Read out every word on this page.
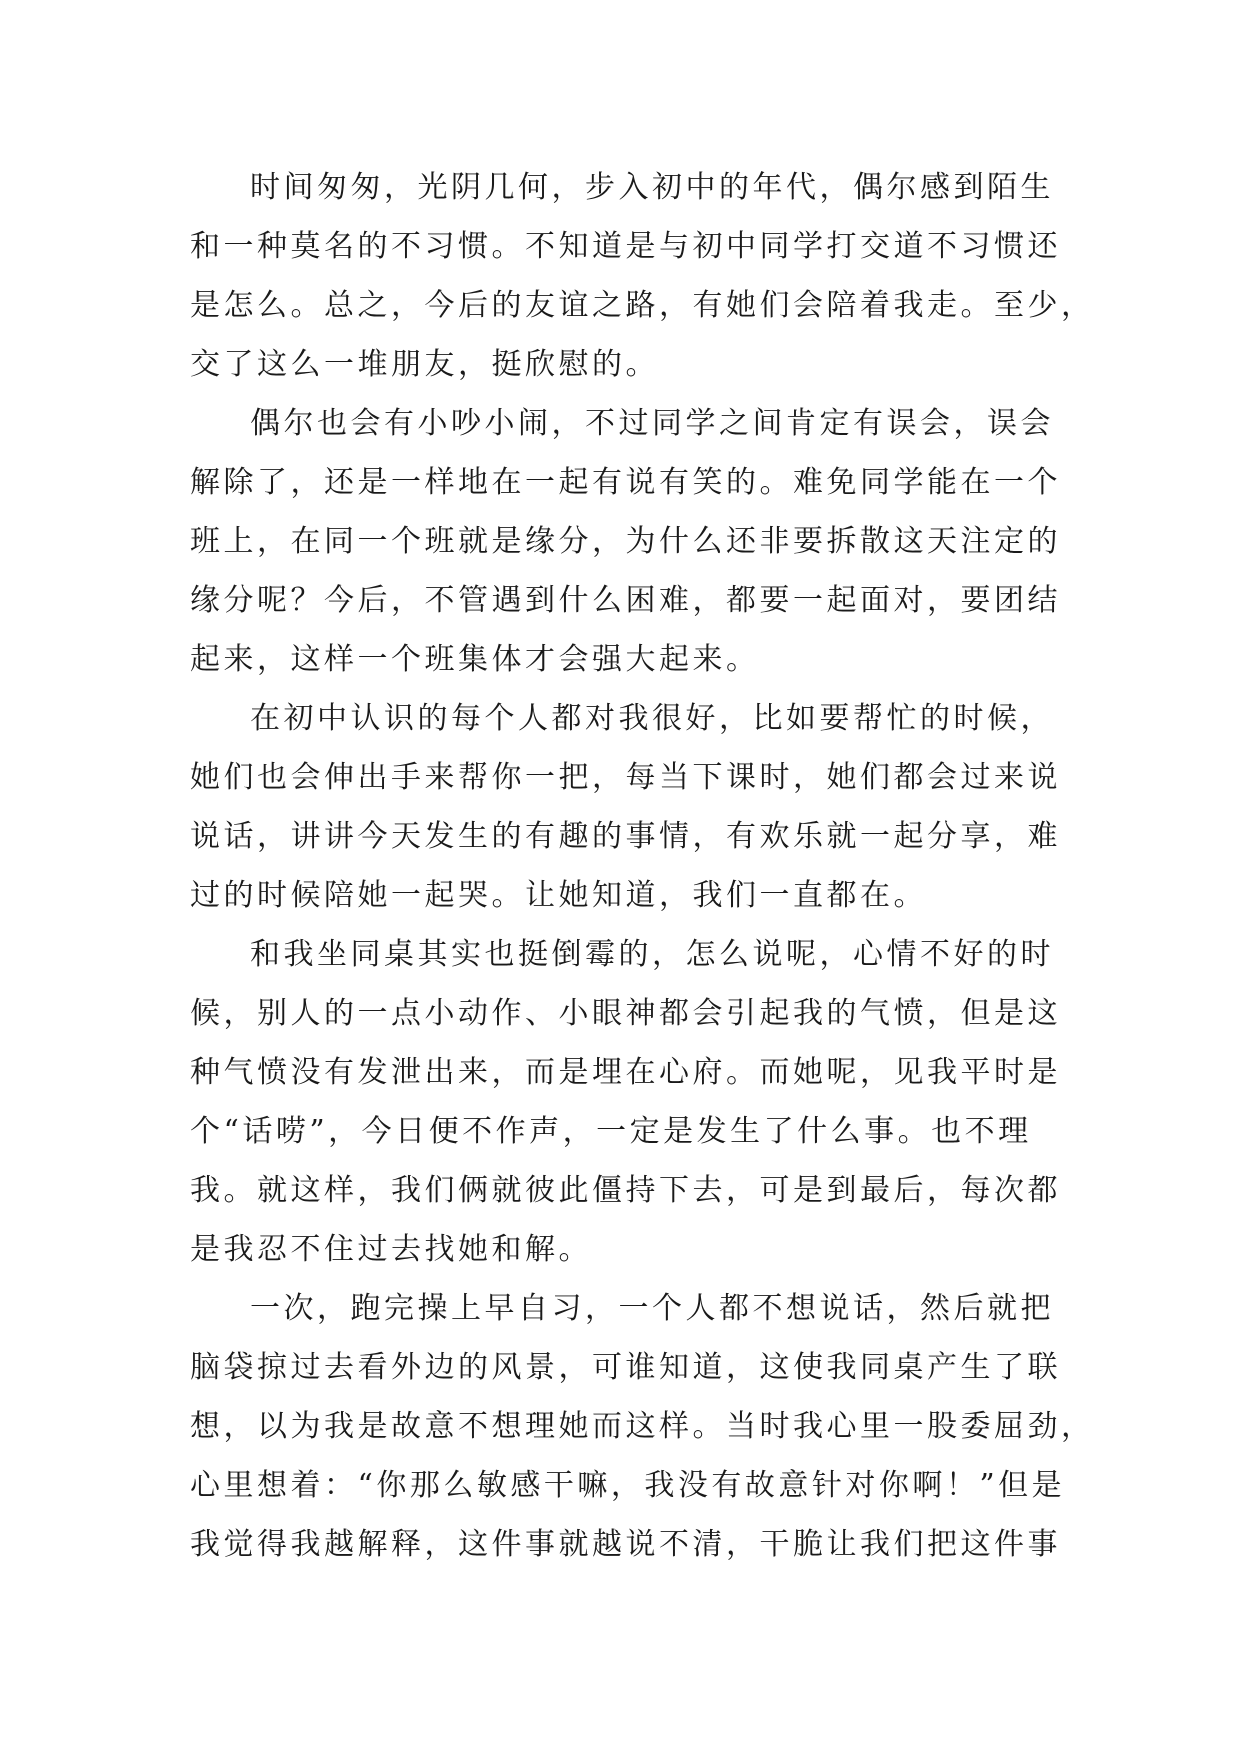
时间匆匆，光阴几何，步入初中的年代，偶尔感到陌生
和一种莫名的不习惯。不知道是与初中同学打交道不习惯还
是怎么。总之，今后的友谊之路，有她们会陪着我走。至少，
交了这么一堆朋友，挺欣慰的。

偶尔也会有小吵小闹，不过同学之间肯定有误会，误会
解除了，还是一样地在一起有说有笑的。难免同学能在一个
班上，在同一个班就是缘分，为什么还非要拆散这天注定的
缘分呢？今后，不管遇到什么困难，都要一起面对，要团结
起来，这样一个班集体才会强大起来。

在初中认识的每个人都对我很好，比如要帮忙的时候，
她们也会伸出手来帮你一把，每当下课时，她们都会过来说
说话，讲讲今天发生的有趣的事情，有欢乐就一起分享，难
过的时候陪她一起哭。让她知道，我们一直都在。

和我坐同桌其实也挺倒霉的，怎么说呢，心情不好的时
候，别人的一点小动作、小眼神都会引起我的气愤，但是这
种气愤没有发泄出来，而是埋在心府。而她呢，见我平时是
个“话唠”，今日便不作声，一定是发生了什么事。也不理
我。就这样，我们俩就彼此僵持下去，可是到最后，每次都
是我忍不住过去找她和解。

一次，跑完操上早自习，一个人都不想说话，然后就把
脑袋掠过去看外边的风景，可谁知道，这使我同桌产生了联
想，以为我是故意不想理她而这样。当时我心里一股委屈劲，
心里想着：“你那么敏感干嘛，我没有故意针对你啊！”但是
我觉得我越解释，这件事就越说不清，干脆让我们把这件事
